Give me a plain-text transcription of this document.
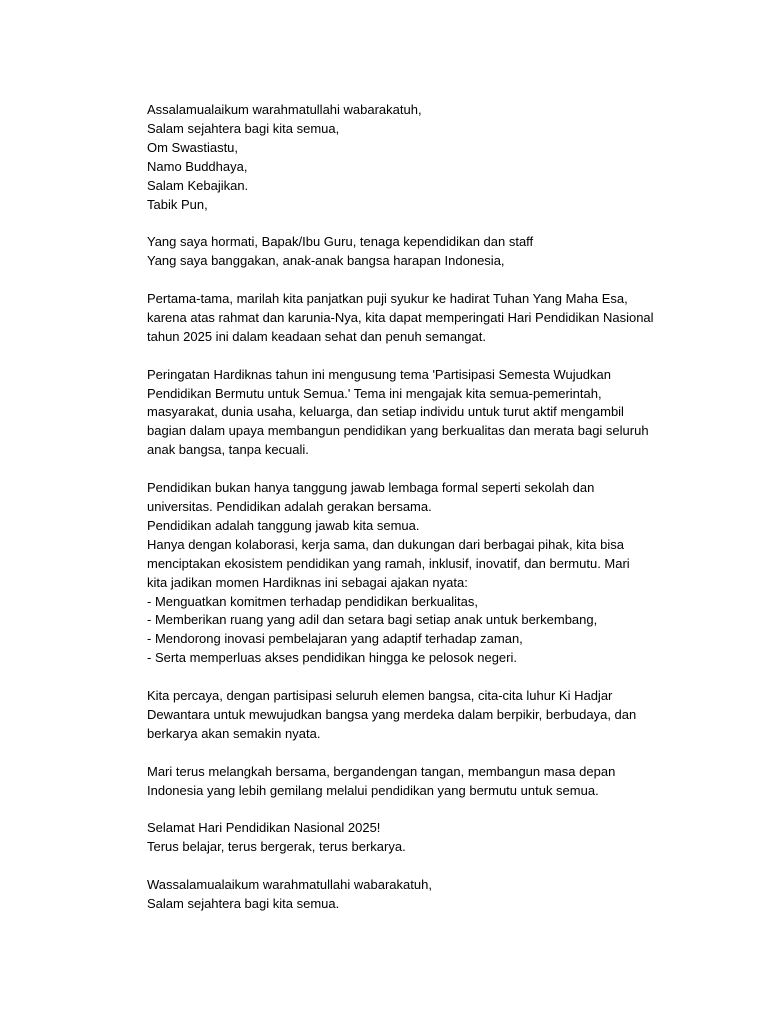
Assalamualaikum warahmatullahi wabarakatuh,
Salam sejahtera bagi kita semua,
Om Swastiastu,
Namo Buddhaya,
Salam Kebajikan.
Tabik Pun,

Yang saya hormati, Bapak/Ibu Guru, tenaga kependidikan dan staff
Yang saya banggakan, anak-anak bangsa harapan Indonesia,

Pertama-tama, marilah kita panjatkan puji syukur ke hadirat Tuhan Yang Maha Esa,
karena atas rahmat dan karunia-Nya, kita dapat memperingati Hari Pendidikan Nasional
tahun 2025 ini dalam keadaan sehat dan penuh semangat.

Peringatan Hardiknas tahun ini mengusung tema 'Partisipasi Semesta Wujudkan
Pendidikan Bermutu untuk Semua.' Tema ini mengajak kita semua-pemerintah,
masyarakat, dunia usaha, keluarga, dan setiap individu untuk turut aktif mengambil
bagian dalam upaya membangun pendidikan yang berkualitas dan merata bagi seluruh
anak bangsa, tanpa kecuali.

Pendidikan bukan hanya tanggung jawab lembaga formal seperti sekolah dan
universitas. Pendidikan adalah gerakan bersama.
Pendidikan adalah tanggung jawab kita semua.
Hanya dengan kolaborasi, kerja sama, dan dukungan dari berbagai pihak, kita bisa
menciptakan ekosistem pendidikan yang ramah, inklusif, inovatif, dan bermutu. Mari
kita jadikan momen Hardiknas ini sebagai ajakan nyata:
- Menguatkan komitmen terhadap pendidikan berkualitas,
- Memberikan ruang yang adil dan setara bagi setiap anak untuk berkembang,
- Mendorong inovasi pembelajaran yang adaptif terhadap zaman,
- Serta memperluas akses pendidikan hingga ke pelosok negeri.

Kita percaya, dengan partisipasi seluruh elemen bangsa, cita-cita luhur Ki Hadjar
Dewantara untuk mewujudkan bangsa yang merdeka dalam berpikir, berbudaya, dan
berkarya akan semakin nyata.

Mari terus melangkah bersama, bergandengan tangan, membangun masa depan
Indonesia yang lebih gemilang melalui pendidikan yang bermutu untuk semua.

Selamat Hari Pendidikan Nasional 2025!
Terus belajar, terus bergerak, terus berkarya.

Wassalamualaikum warahmatullahi wabarakatuh,
Salam sejahtera bagi kita semua.
